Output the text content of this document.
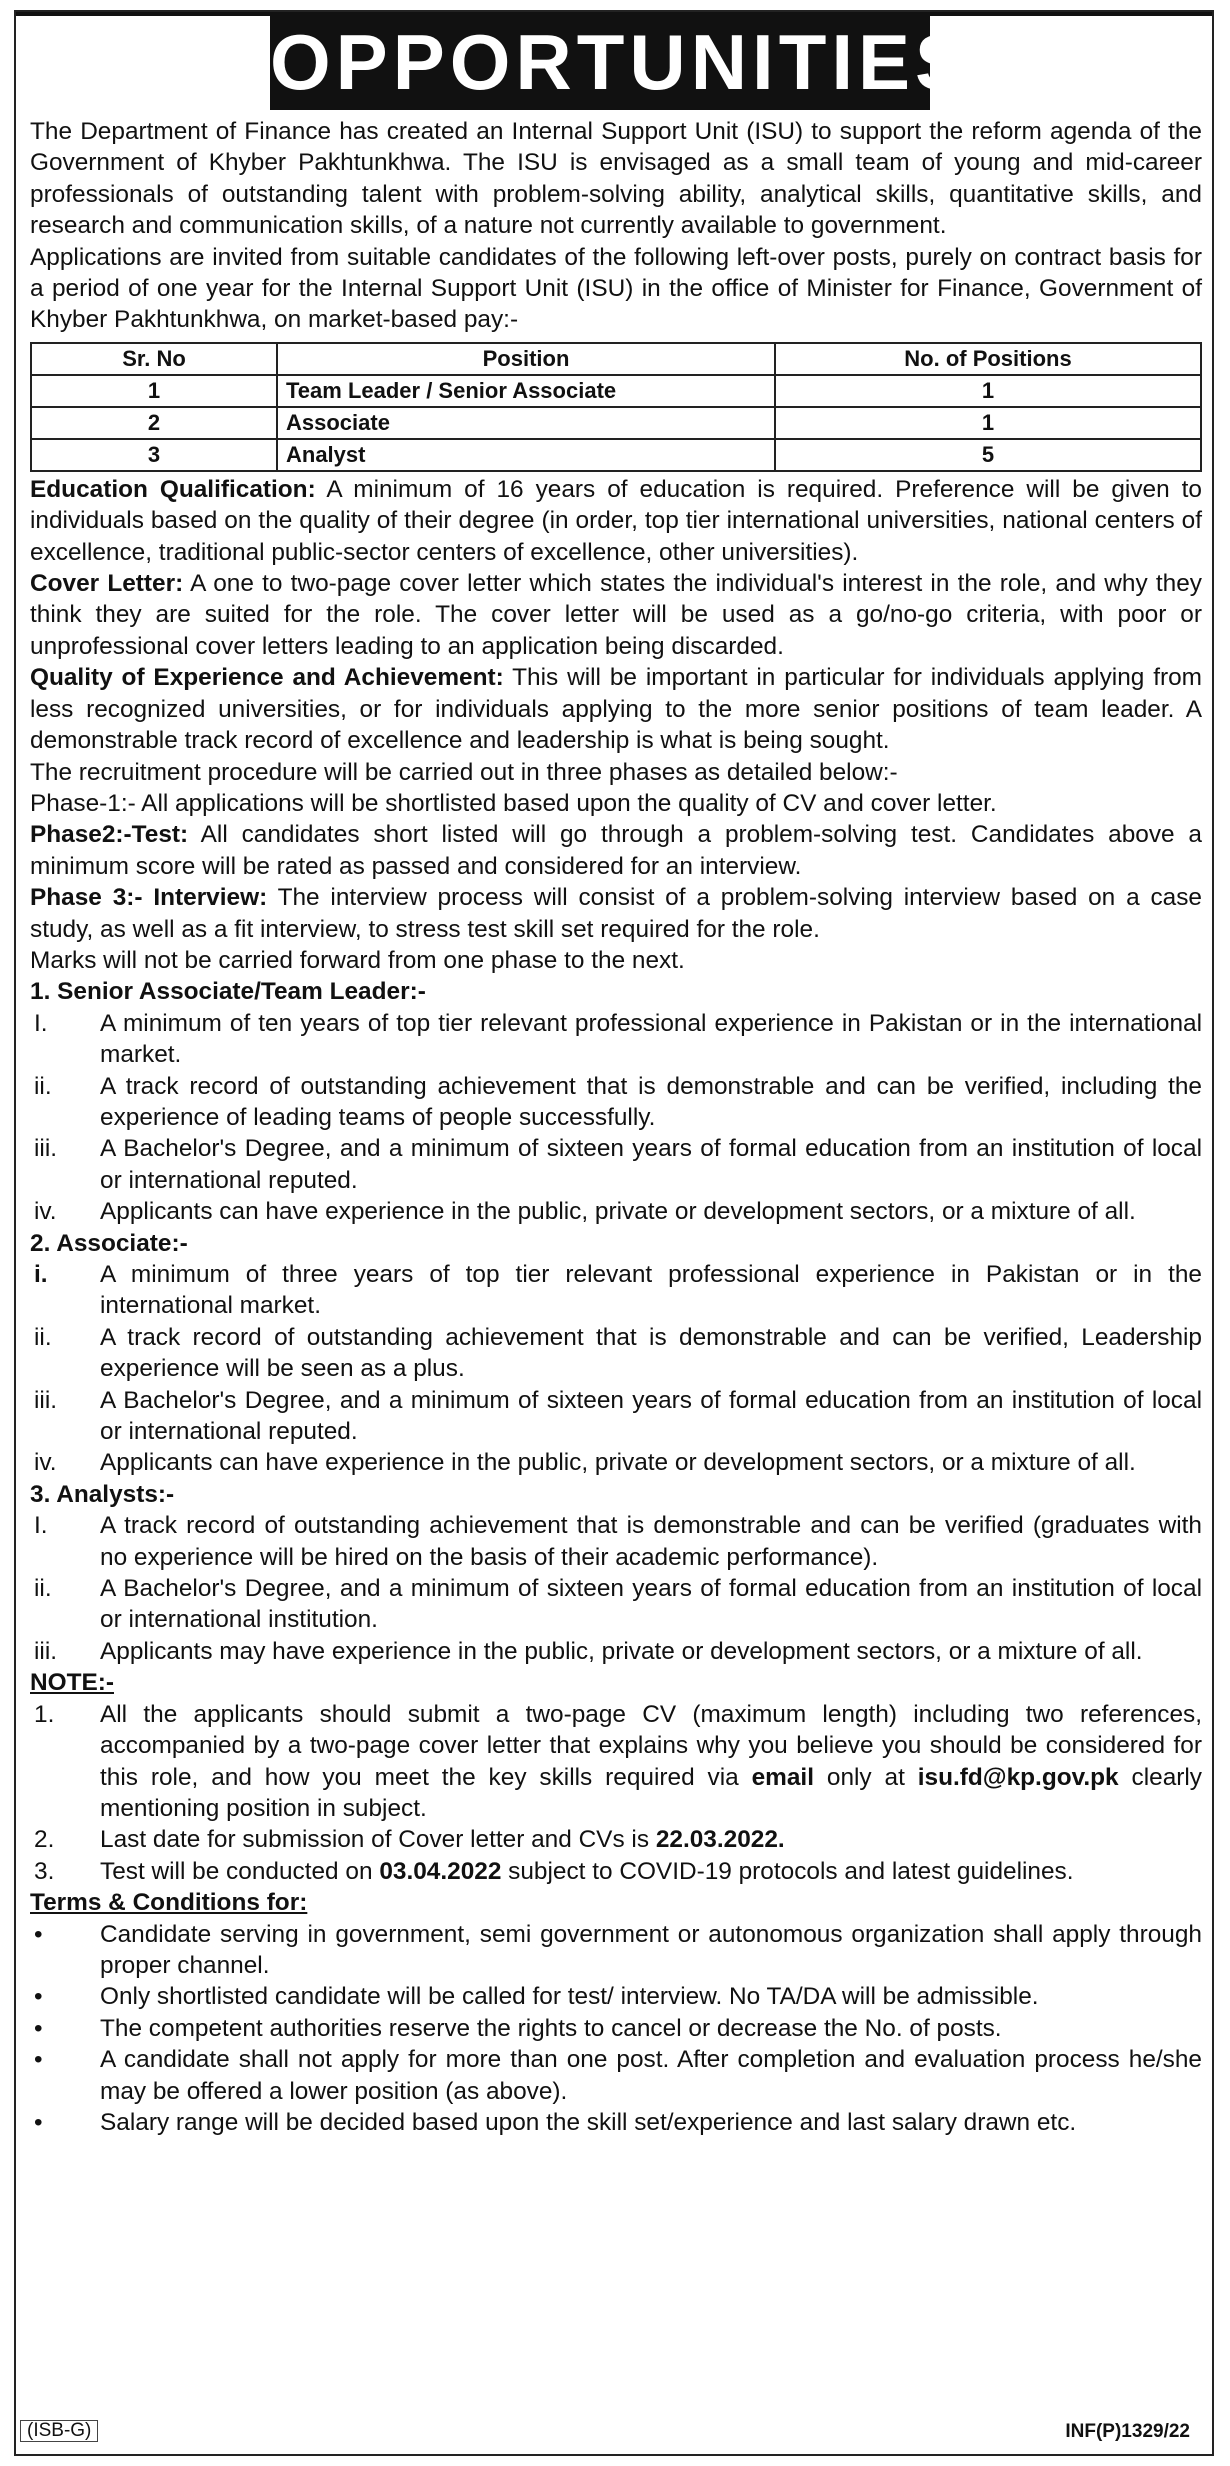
OPPORTUNITIES

The Department of Finance has created an Internal Support Unit (ISU) to support the reform agenda of the Government of Khyber Pakhtunkhwa. The ISU is envisaged as a small team of young and mid-career professionals of outstanding talent with problem-solving ability, analytical skills, quantitative skills, and research and communication skills, of a nature not currently available to government.

Applications are invited from suitable candidates of the following left-over posts, purely on contract basis for a period of one year for the Internal Support Unit (ISU) in the office of Minister for Finance, Government of Khyber Pakhtunkhwa, on market-based pay:-

Sr. No	Position	No. of Positions
1	Team Leader / Senior Associate	1
2	Associate	1
3	Analyst	5

Education Qualification: A minimum of 16 years of education is required. Preference will be given to individuals based on the quality of their degree (in order, top tier international universities, national centers of excellence, traditional public-sector centers of excellence, other universities).

Cover Letter: A one to two-page cover letter which states the individual's interest in the role, and why they think they are suited for the role. The cover letter will be used as a go/no-go criteria, with poor or unprofessional cover letters leading to an application being discarded.

Quality of Experience and Achievement: This will be important in particular for individuals applying from less recognized universities, or for individuals applying to the more senior positions of team leader. A demonstrable track record of excellence and leadership is what is being sought.

The recruitment procedure will be carried out in three phases as detailed below:-

Phase-1:- All applications will be shortlisted based upon the quality of CV and cover letter.

Phase2:-Test: All candidates short listed will go through a problem-solving test. Candidates above a minimum score will be rated as passed and considered for an interview.

Phase 3:- Interview: The interview process will consist of a problem-solving interview based on a case study, as well as a fit interview, to stress test skill set required for the role.

Marks will not be carried forward from one phase to the next.

1. Senior Associate/Team Leader:-

I.	A minimum of ten years of top tier relevant professional experience in Pakistan or in the international market.
ii.	A track record of outstanding achievement that is demonstrable and can be verified, including the experience of leading teams of people successfully.
iii.	A Bachelor's Degree, and a minimum of sixteen years of formal education from an institution of local or international reputed.
iv.	Applicants can have experience in the public, private or development sectors, or a mixture of all.

2. Associate:-

i.	A minimum of three years of top tier relevant professional experience in Pakistan or in the international market.
ii.	A track record of outstanding achievement that is demonstrable and can be verified, Leadership experience will be seen as a plus.
iii.	A Bachelor's Degree, and a minimum of sixteen years of formal education from an institution of local or international reputed.
iv.	Applicants can have experience in the public, private or development sectors, or a mixture of all.

3. Analysts:-

I.	A track record of outstanding achievement that is demonstrable and can be verified (graduates with no experience will be hired on the basis of their academic performance).
ii.	A Bachelor's Degree, and a minimum of sixteen years of formal education from an institution of local or international institution.
iii.	Applicants may have experience in the public, private or development sectors, or a mixture of all.

NOTE:-

1.	All the applicants should submit a two-page CV (maximum length) including two references, accompanied by a two-page cover letter that explains why you believe you should be considered for this role, and how you meet the key skills required via email only at isu.fd@kp.gov.pk clearly mentioning position in subject.
2.	Last date for submission of Cover letter and CVs is 22.03.2022.
3.	Test will be conducted on 03.04.2022 subject to COVID-19 protocols and latest guidelines.

Terms & Conditions for:

•	Candidate serving in government, semi government or autonomous organization shall apply through proper channel.
•	Only shortlisted candidate will be called for test/ interview. No TA/DA will be admissible.
•	The competent authorities reserve the rights to cancel or decrease the No. of posts.
•	A candidate shall not apply for more than one post. After completion and evaluation process he/she may be offered a lower position (as above).
•	Salary range will be decided based upon the skill set/experience and last salary drawn etc.
(ISB-G)	INF(P)1329/22
